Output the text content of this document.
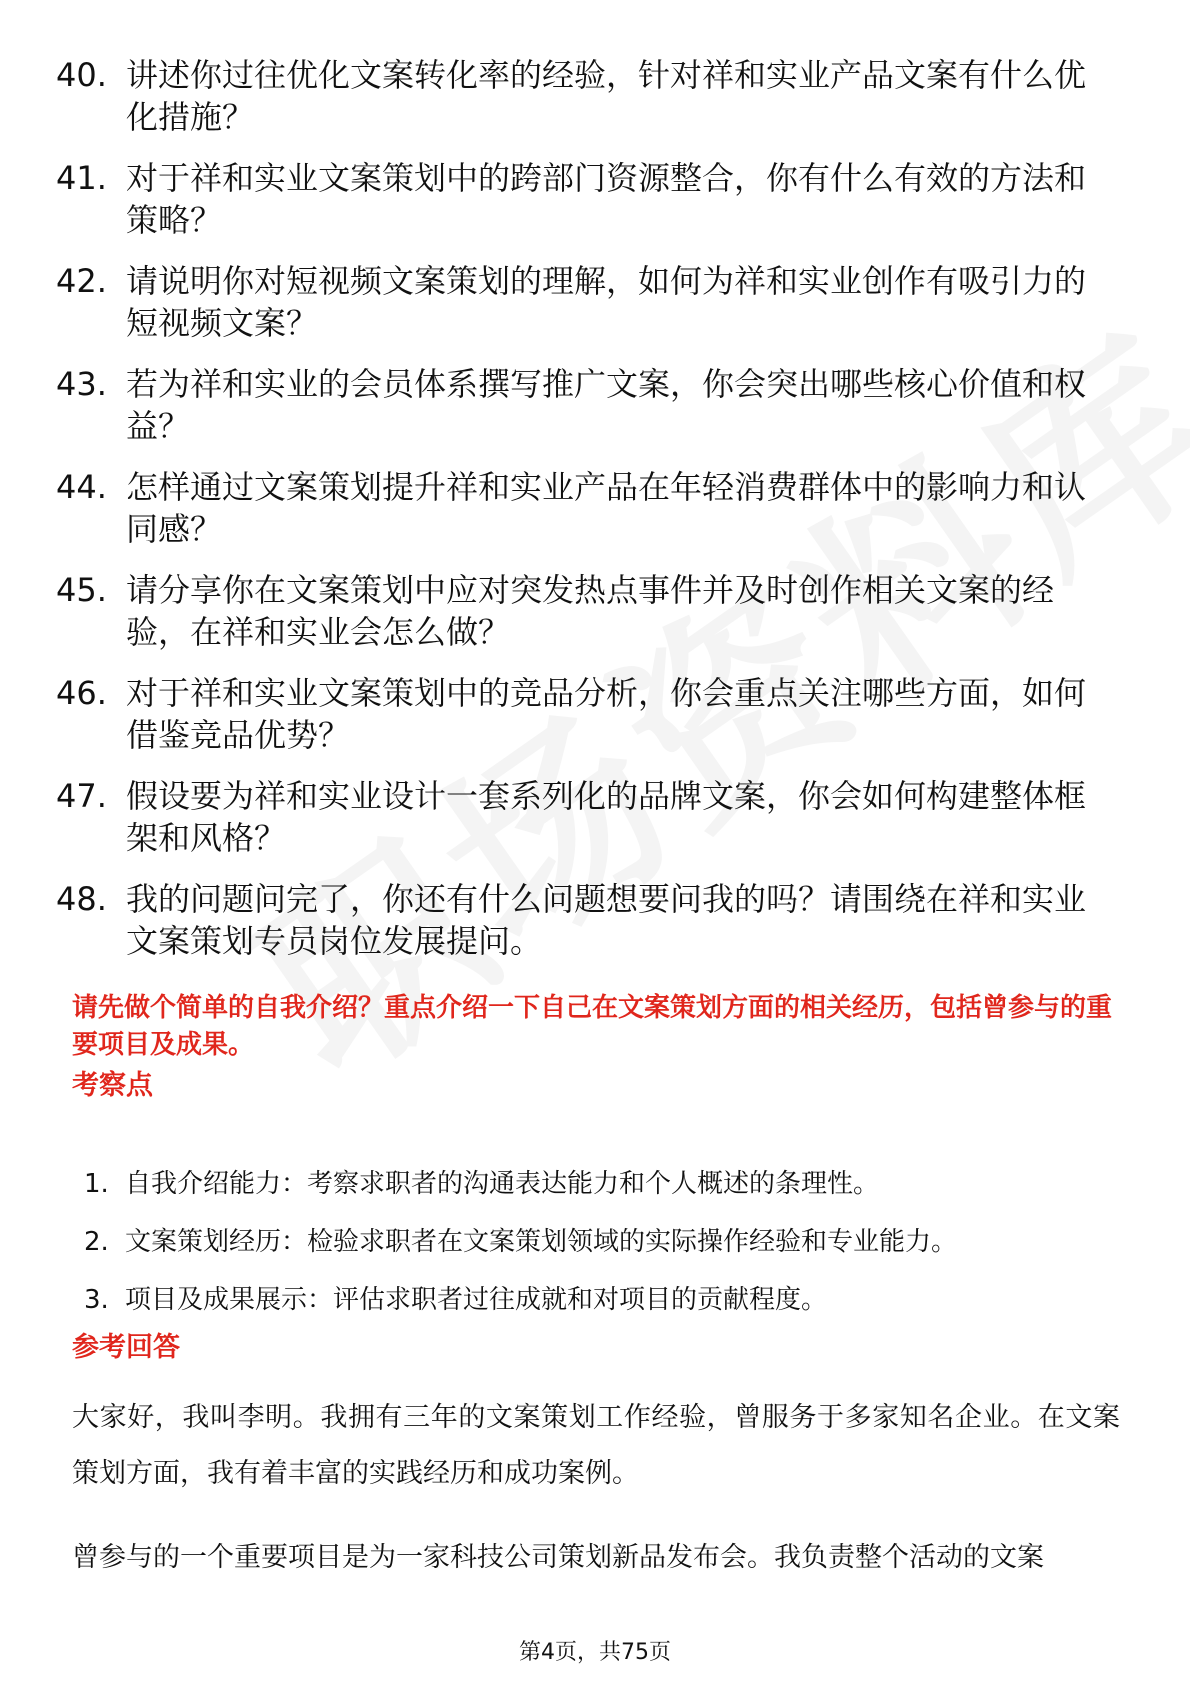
40. 讲述你过往优化文案转化率的经验，针对祥和实业产品文案有什么优化措施？
41. 对于祥和实业文案策划中的跨部门资源整合，你有什么有效的方法和策略？
42. 请说明你对短视频文案策划的理解，如何为祥和实业创作有吸引力的短视频文案？
43. 若为祥和实业的会员体系撰写推广文案，你会突出哪些核心价值和权益？
44. 怎样通过文案策划提升祥和实业产品在年轻消费群体中的影响力和认同感？
45. 请分享你在文案策划中应对突发热点事件并及时创作相关文案的经验，在祥和实业会怎么做？
46. 对于祥和实业文案策划中的竞品分析，你会重点关注哪些方面，如何借鉴竞品优势？
47. 假设要为祥和实业设计一套系列化的品牌文案，你会如何构建整体框架和风格？
48. 我的问题问完了，你还有什么问题想要问我的吗？请围绕在祥和实业文案策划专员岗位发展提问。
请先做个简单的自我介绍？重点介绍一下自己在文案策划方面的相关经历，包括曾参与的重要项目及成果。
考察点
1. 自我介绍能力：考察求职者的沟通表达能力和个人概述的条理性。
2. 文案策划经历：检验求职者在文案策划领域的实际操作经验和专业能力。
3. 项目及成果展示：评估求职者过往成就和对项目的贡献程度。
参考回答

大家好，我叫李明。我拥有三年的文案策划工作经验，曾服务于多家知名企业。在文案策划方面，我有着丰富的实践经历和成功案例。

曾参与的一个重要项目是为一家科技公司策划新品发布会。我负责整个活动的文案

第4页，共75页
